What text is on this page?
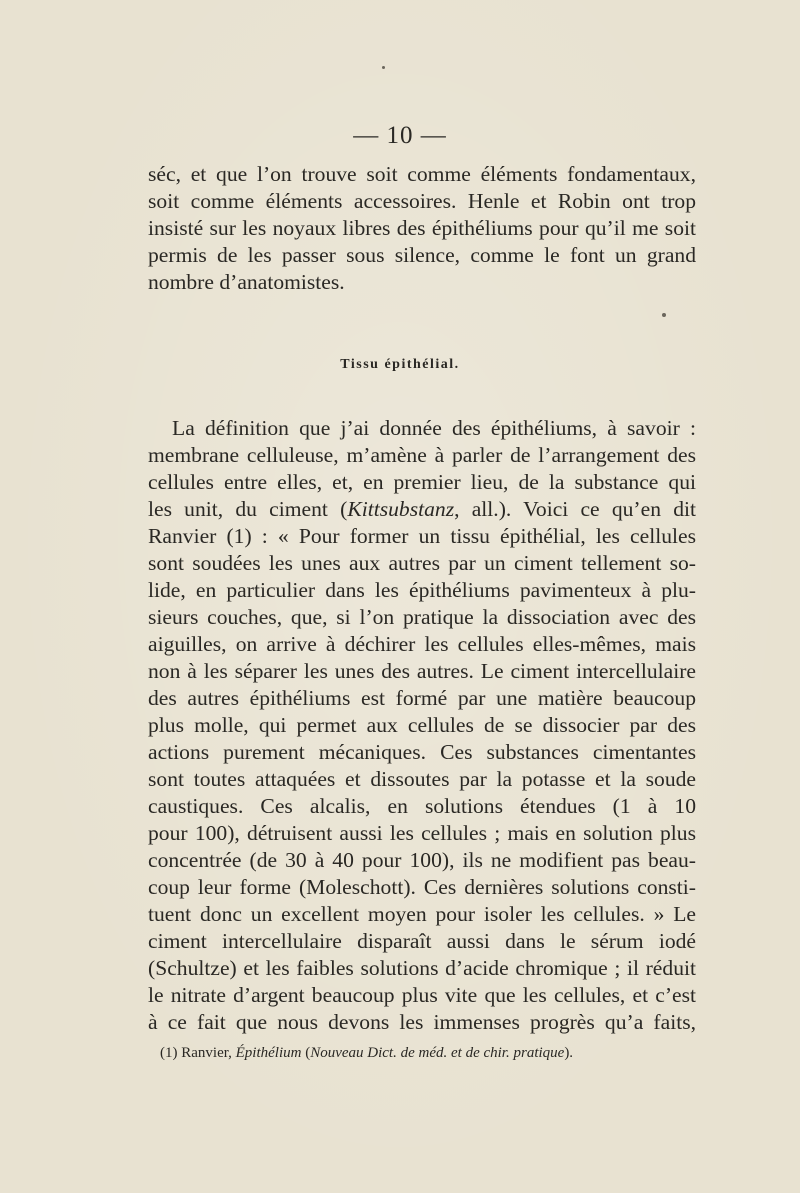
— 10 —
séc, et que l’on trouve soit comme éléments fondamentaux,
soit comme éléments accessoires. Henle et Robin ont trop
insisté sur les noyaux libres des épithéliums pour qu’il me soit
permis de les passer sous silence, comme le font un grand
nombre d’anatomistes.
Tissu épithélial.
La définition que j’ai donnée des épithéliums, à savoir :
membrane celluleuse, m’amène à parler de l’arrangement des
cellules entre elles, et, en premier lieu, de la substance qui
les unit, du ciment (Kittsubstanz, all.). Voici ce qu’en dit
Ranvier (1) : « Pour former un tissu épithélial, les cellules
sont soudées les unes aux autres par un ciment tellement so-
lide, en particulier dans les épithéliums pavimenteux à plu-
sieurs couches, que, si l’on pratique la dissociation avec des
aiguilles, on arrive à déchirer les cellules elles-mêmes, mais
non à les séparer les unes des autres. Le ciment intercellulaire
des autres épithéliums est formé par une matière beaucoup
plus molle, qui permet aux cellules de se dissocier par des
actions purement mécaniques. Ces substances cimentantes
sont toutes attaquées et dissoutes par la potasse et la soude
caustiques. Ces alcalis, en solutions étendues (1 à 10
pour 100), détruisent aussi les cellules ; mais en solution plus
concentrée (de 30 à 40 pour 100), ils ne modifient pas beau-
coup leur forme (Moleschott). Ces dernières solutions consti-
tuent donc un excellent moyen pour isoler les cellules. » Le
ciment intercellulaire disparaît aussi dans le sérum iodé
(Schultze) et les faibles solutions d’acide chromique ; il réduit
le nitrate d’argent beaucoup plus vite que les cellules, et c’est
à ce fait que nous devons les immenses progrès qu’a faits,
(1) Ranvier, Épithélium (Nouveau Dict. de méd. et de chir. pratique).
